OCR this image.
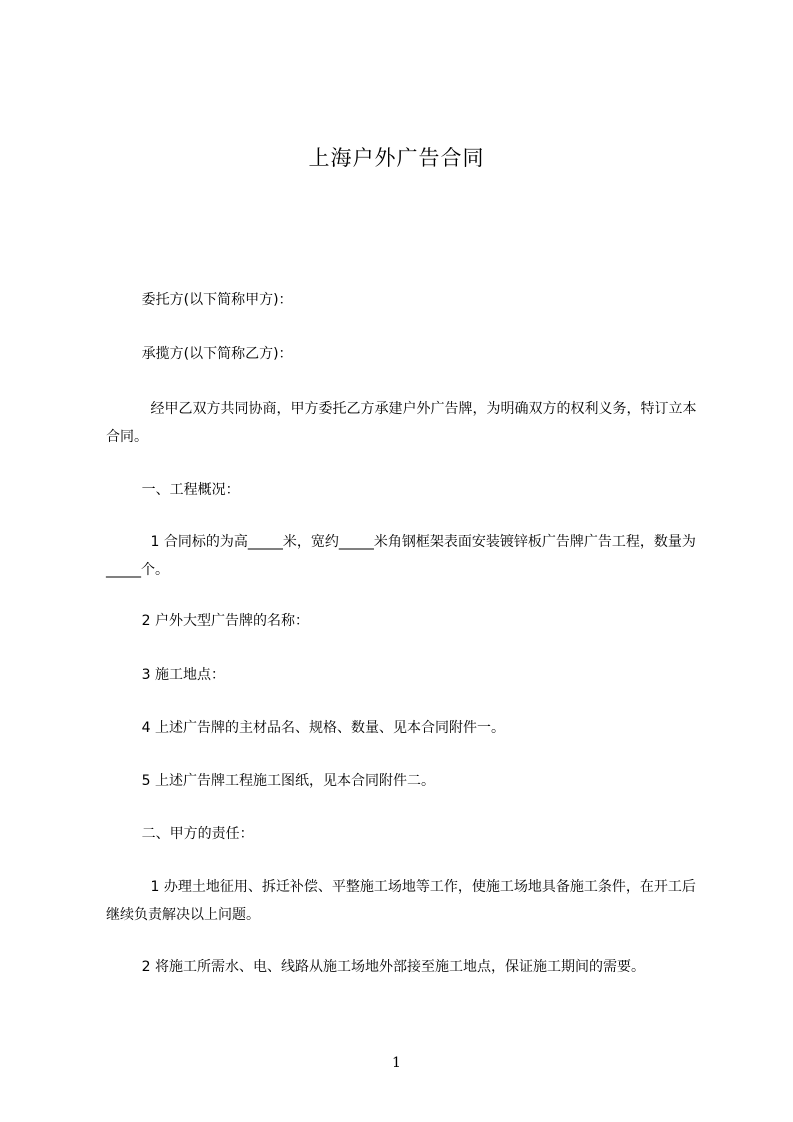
上海户外广告合同
委托方(以下简称甲方)：
承揽方(以下简称乙方)：
经甲乙双方共同协商，甲方委托乙方承建户外广告牌，为明确双方的权利义务，特订立本合同。
一、工程概况：
1 合同标的为高_____米，宽约_____米角钢框架表面安装镀锌板广告牌广告工程，数量为_____个。
2 户外大型广告牌的名称：
3 施工地点：
4 上述广告牌的主材品名、规格、数量、见本合同附件一。
5 上述广告牌工程施工图纸，见本合同附件二。
二、甲方的责任：
1 办理土地征用、拆迁补偿、平整施工场地等工作，使施工场地具备施工条件，在开工后继续负责解决以上问题。
2 将施工所需水、电、线路从施工场地外部接至施工地点，保证施工期间的需要。
1
